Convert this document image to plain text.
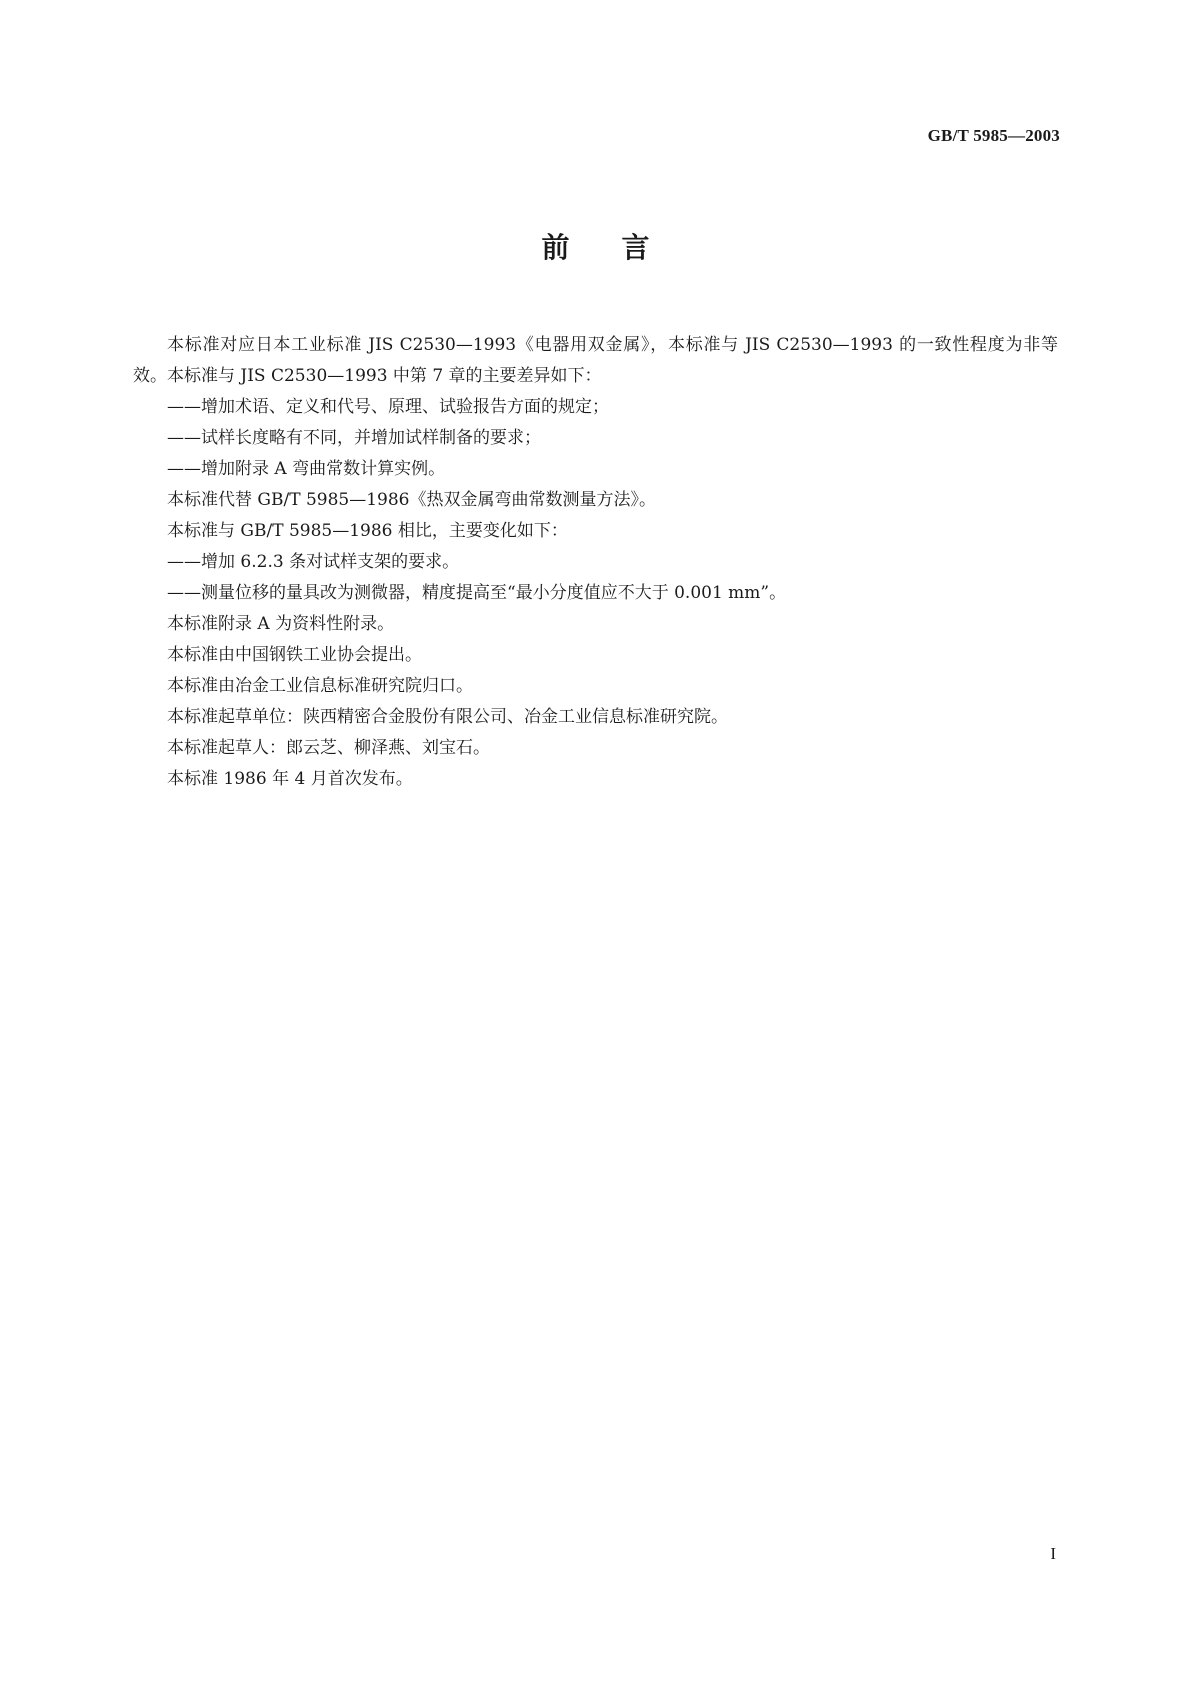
GB/T 5985—2003
前言

本标准对应日本工业标准 JIS C2530—1993《电器用双金属》，本标准与 JIS C2530—1993 的一致性程度为非等效。本标准与 JIS C2530—1993 中第 7 章的主要差异如下：

——增加术语、定义和代号、原理、试验报告方面的规定；

——试样长度略有不同，并增加试样制备的要求；

——增加附录 A 弯曲常数计算实例。

本标准代替 GB/T 5985—1986《热双金属弯曲常数测量方法》。

本标准与 GB/T 5985—1986 相比，主要变化如下：

——增加 6.2.3 条对试样支架的要求。

——测量位移的量具改为测微器，精度提高至“最小分度值应不大于 0.001 mm”。

本标准附录 A 为资料性附录。

本标准由中国钢铁工业协会提出。

本标准由冶金工业信息标准研究院归口。

本标准起草单位：陕西精密合金股份有限公司、冶金工业信息标准研究院。

本标准起草人：郎云芝、柳泽燕、刘宝石。

本标准 1986 年 4 月首次发布。

I
